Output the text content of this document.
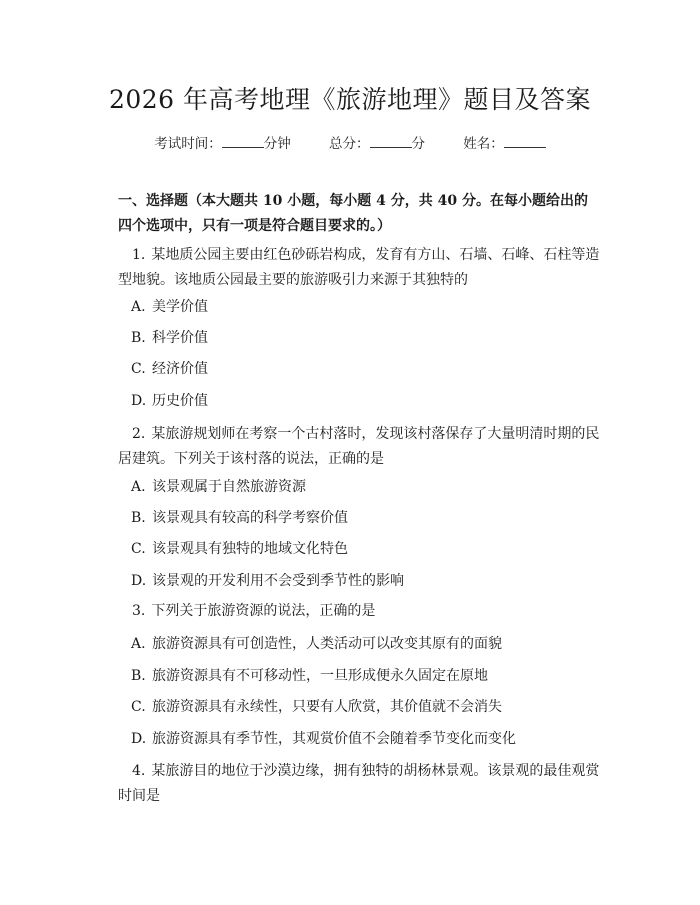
2026 年高考地理《旅游地理》题目及答案
考试时间：	分钟	总分：	分	姓名：
一、选择题（本大题共 10 小题，每小题 4 分，共 40 分。在每小题给出的四个选项中，只有一项是符合题目要求的。）
1. 某地质公园主要由红色砂砾岩构成，发育有方山、石墙、石峰、石柱等造型地貌。该地质公园最主要的旅游吸引力来源于其独特的
A. 美学价值
B. 科学价值
C. 经济价值
D. 历史价值
2. 某旅游规划师在考察一个古村落时，发现该村落保存了大量明清时期的民居建筑。下列关于该村落的说法，正确的是
A. 该景观属于自然旅游资源
B. 该景观具有较高的科学考察价值
C. 该景观具有独特的地域文化特色
D. 该景观的开发利用不会受到季节性的影响
3. 下列关于旅游资源的说法，正确的是
A. 旅游资源具有可创造性，人类活动可以改变其原有的面貌
B. 旅游资源具有不可移动性，一旦形成便永久固定在原地
C. 旅游资源具有永续性，只要有人欣赏，其价值就不会消失
D. 旅游资源具有季节性，其观赏价值不会随着季节变化而变化
4. 某旅游目的地位于沙漠边缘，拥有独特的胡杨林景观。该景观的最佳观赏时间是
